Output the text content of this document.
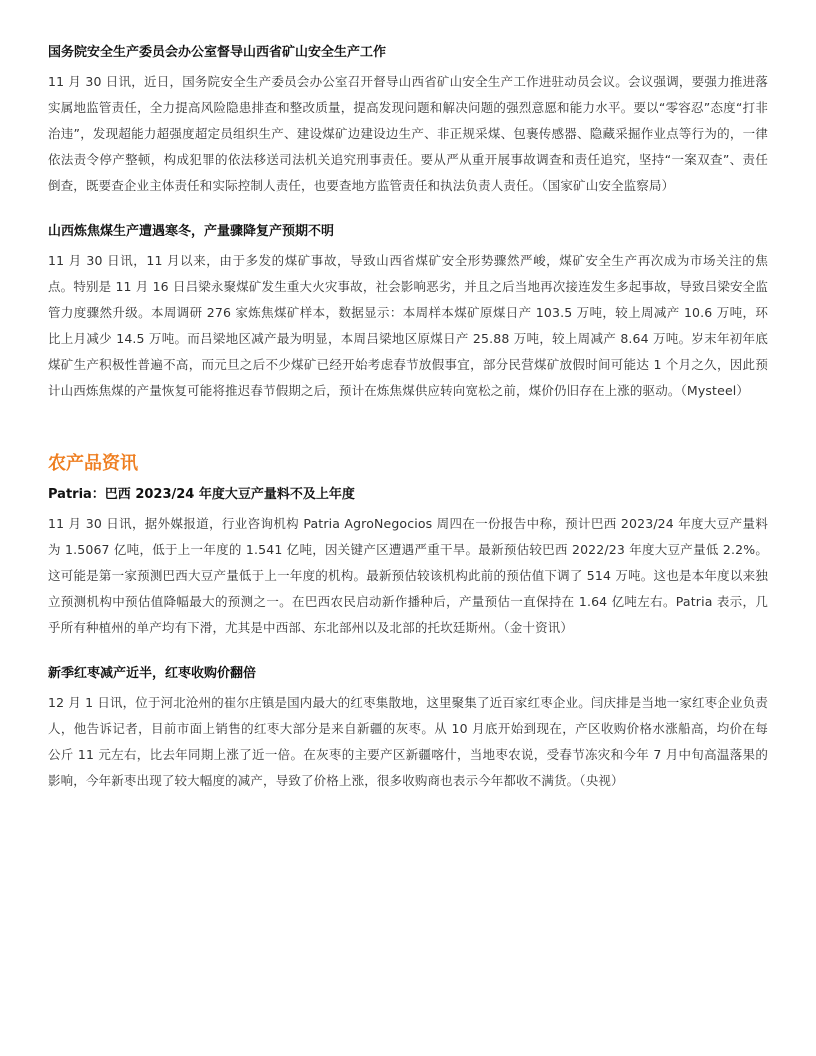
国务院安全生产委员会办公室督导山西省矿山安全生产工作

11 月 30 日讯，近日，国务院安全生产委员会办公室召开督导山西省矿山安全生产工作进驻动员会议。会议强调，要强力推进落实属地监管责任，全力提高风险隐患排查和整改质量，提高发现问题和解决问题的强烈意愿和能力水平。要以“零容忍”态度“打非治违”，发现超能力超强度超定员组织生产、建设煤矿边建设边生产、非正规采煤、包裹传感器、隐藏采掘作业点等行为的，一律依法责令停产整顿，构成犯罪的依法移送司法机关追究刑事责任。要从严从重开展事故调查和责任追究，坚持“一案双查”、责任倒查，既要查企业主体责任和实际控制人责任，也要查地方监管责任和执法负责人责任。（国家矿山安全监察局）

山西炼焦煤生产遭遇寒冬，产量骤降复产预期不明

11 月 30 日讯，11 月以来，由于多发的煤矿事故，导致山西省煤矿安全形势骤然严峻，煤矿安全生产再次成为市场关注的焦点。特别是 11 月 16 日吕梁永聚煤矿发生重大火灾事故，社会影响恶劣，并且之后当地再次接连发生多起事故，导致吕梁安全监管力度骤然升级。本周调研 276 家炼焦煤矿样本，数据显示：本周样本煤矿原煤日产 103.5 万吨，较上周减产 10.6 万吨，环比上月减少 14.5 万吨。而吕梁地区减产最为明显，本周吕梁地区原煤日产 25.88 万吨，较上周减产 8.64 万吨。岁末年初年底煤矿生产积极性普遍不高，而元旦之后不少煤矿已经开始考虑春节放假事宜，部分民营煤矿放假时间可能达 1 个月之久，因此预计山西炼焦煤的产量恢复可能将推迟春节假期之后，预计在炼焦煤供应转向宽松之前，煤价仍旧存在上涨的驱动。（Mysteel）

农产品资讯

Patria：巴西 2023/24 年度大豆产量料不及上年度

11 月 30 日讯，据外媒报道，行业咨询机构 Patria AgroNegocios 周四在一份报告中称，预计巴西 2023/24 年度大豆产量料为 1.5067 亿吨，低于上一年度的 1.541 亿吨，因关键产区遭遇严重干旱。最新预估较巴西 2022/23 年度大豆产量低 2.2%。这可能是第一家预测巴西大豆产量低于上一年度的机构。最新预估较该机构此前的预估值下调了 514 万吨。这也是本年度以来独立预测机构中预估值降幅最大的预测之一。在巴西农民启动新作播种后，产量预估一直保持在 1.64 亿吨左右。Patria 表示，几乎所有种植州的单产均有下滑，尤其是中西部、东北部州以及北部的托坎廷斯州。（金十资讯）

新季红枣减产近半，红枣收购价翻倍

12 月 1 日讯，位于河北沧州的崔尔庄镇是国内最大的红枣集散地，这里聚集了近百家红枣企业。闫庆排是当地一家红枣企业负责人，他告诉记者，目前市面上销售的红枣大部分是来自新疆的灰枣。从 10 月底开始到现在，产区收购价格水涨船高，均价在每公斤 11 元左右，比去年同期上涨了近一倍。在灰枣的主要产区新疆喀什，当地枣农说，受春节冻灾和今年 7 月中旬高温落果的影响，今年新枣出现了较大幅度的减产，导致了价格上涨，很多收购商也表示今年都收不满货。（央视）
